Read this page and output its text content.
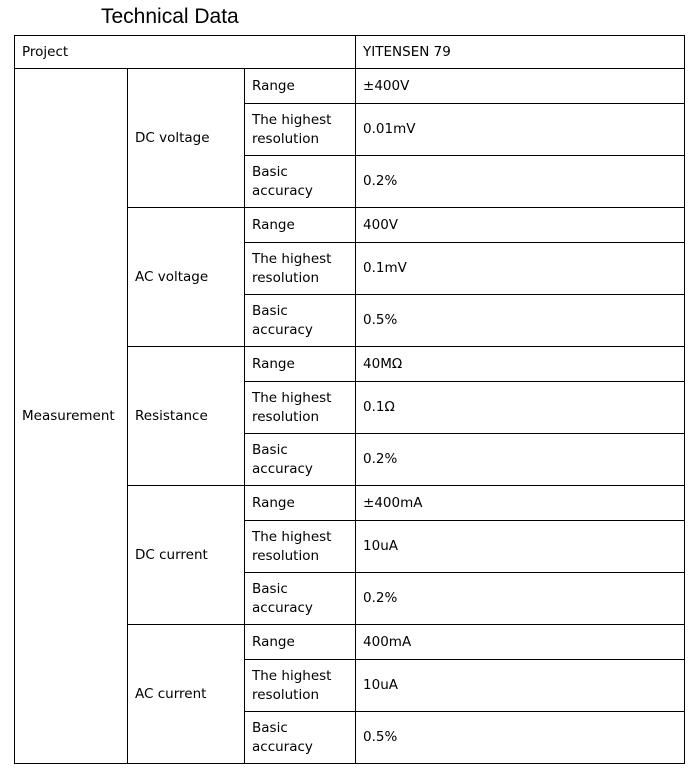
Technical Data
Project			YITENSEN 79
Measurement	DC voltage	Range	±400V
		The highest resolution	0.01mV
		Basic accuracy	0.2%
	AC voltage	Range	400V
		The highest resolution	0.1mV
		Basic accuracy	0.5%
	Resistance	Range	40MΩ
		The highest resolution	0.1Ω
		Basic accuracy	0.2%
	DC current	Range	±400mA
		The highest resolution	10uA
		Basic accuracy	0.2%
	AC current	Range	400mA
		The highest resolution	10uA
		Basic accuracy	0.5%
